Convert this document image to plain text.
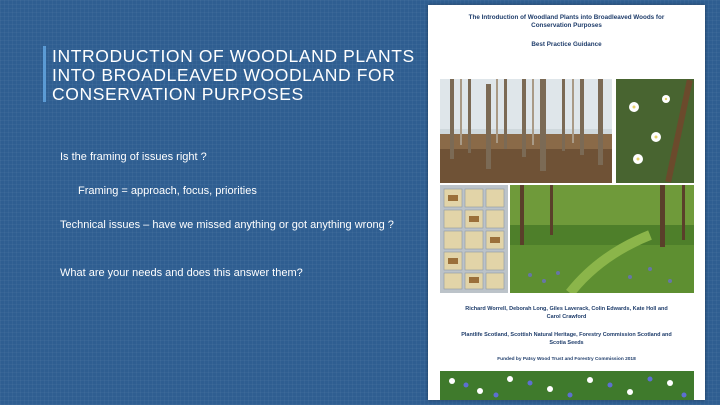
INTRODUCTION OF WOODLAND PLANTS INTO BROADLEAVED WOODLAND FOR CONSERVATION PURPOSES

Is the framing of issues right ?

Framing = approach, focus, priorities

Technical issues – have we missed anything or got anything wrong ?

What are your needs and does this answer them?

The Introduction of Woodland Plants into Broadleaved Woods for Conservation Purposes
Best Practice Guidance
Richard Worrell, Deborah Long, Giles Laverack, Colin Edwards, Kate Holl and Carol Crawford
Plantlife Scotland, Scottish Natural Heritage, Forestry Commission Scotland and Scotia Seeds
Funded by Patsy Wood Trust and Forestry Commission 2018
